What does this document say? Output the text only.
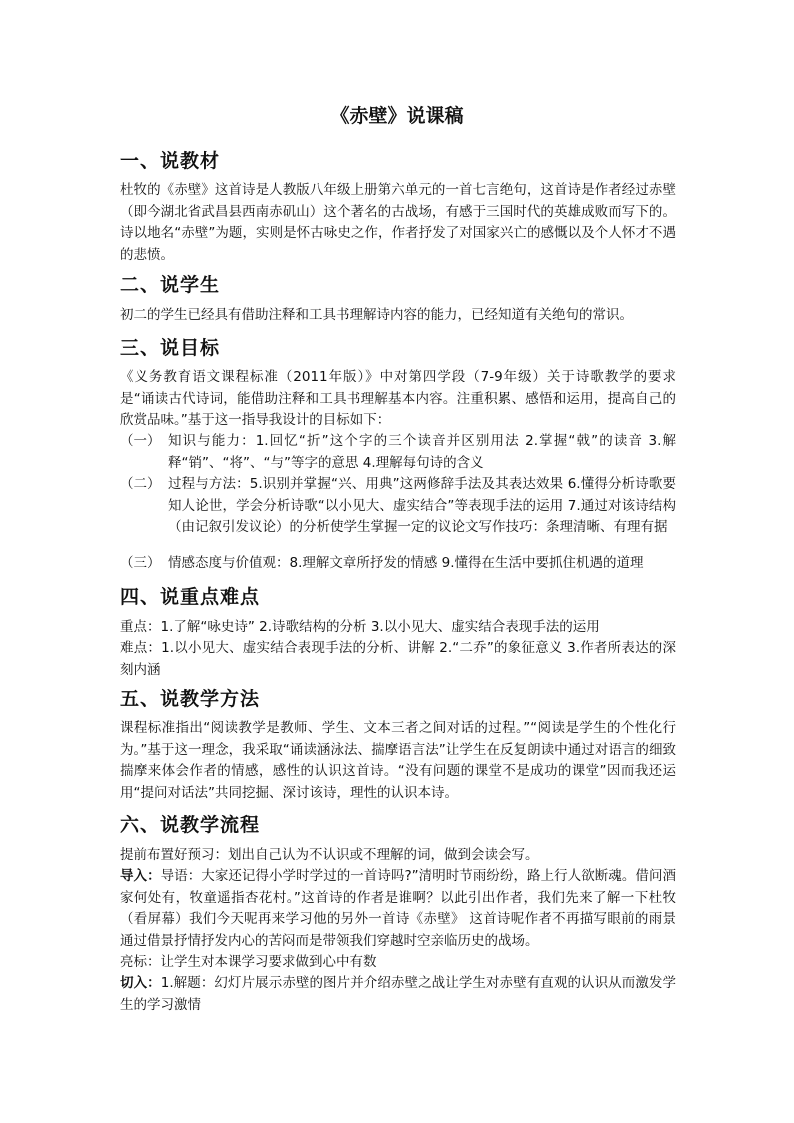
《赤壁》说课稿
一、说教材
杜牧的《赤壁》这首诗是人教版八年级上册第六单元的一首七言绝句，这首诗是作者经过赤壁（即今湖北省武昌县西南赤矶山）这个著名的古战场，有感于三国时代的英雄成败而写下的。诗以地名“赤壁”为题，实则是怀古咏史之作，作者抒发了对国家兴亡的感慨以及个人怀才不遇的悲愤。
二、说学生
初二的学生已经具有借助注释和工具书理解诗内容的能力，已经知道有关绝句的常识。
三、说目标
《义务教育语文课程标准（2011年版）》中对第四学段（7-9年级）关于诗歌教学的要求是“诵读古代诗词，能借助注释和工具书理解基本内容。注重积累、感悟和运用，提高自己的欣赏品味。”基于这一指导我设计的目标如下：
（一） 知识与能力：1.回忆“折”这个字的三个读音并区别用法 2.掌握“戟”的读音 3.解释“销”、“将”、“与”等字的意思 4.理解每句诗的含义
（二） 过程与方法：5.识别并掌握“兴、用典”这两修辞手法及其表达效果 6.懂得分析诗歌要知人论世，学会分析诗歌“以小见大、虚实结合”等表现手法的运用 7.通过对该诗结构（由记叙引发议论）的分析使学生掌握一定的议论文写作技巧：条理清晰、有理有据
（三） 情感态度与价值观：8.理解文章所抒发的情感 9.懂得在生活中要抓住机遇的道理
四、说重点难点
重点：1.了解“咏史诗” 2.诗歌结构的分析 3.以小见大、虚实结合表现手法的运用
难点：1.以小见大、虚实结合表现手法的分析、讲解 2.“二乔”的象征意义 3.作者所表达的深刻内涵
五、说教学方法
课程标准指出“阅读教学是教师、学生、文本三者之间对话的过程。”“阅读是学生的个性化行为。”基于这一理念，我采取“诵读涵泳法、揣摩语言法”让学生在反复朗读中通过对语言的细致揣摩来体会作者的情感，感性的认识这首诗。“没有问题的课堂不是成功的课堂”因而我还运用“提问对话法”共同挖掘、深讨该诗，理性的认识本诗。
六、说教学流程
提前布置好预习：划出自己认为不认识或不理解的词，做到会读会写。
导入：导语：大家还记得小学时学过的一首诗吗?”清明时节雨纷纷，路上行人欲断魂。借问酒家何处有，牧童遥指杏花村。”这首诗的作者是谁啊？以此引出作者，我们先来了解一下杜牧（看屏幕）我们今天呢再来学习他的另外一首诗《赤壁》 这首诗呢作者不再描写眼前的雨景通过借景抒情抒发内心的苦闷而是带领我们穿越时空亲临历史的战场。
亮标：让学生对本课学习要求做到心中有数
切入：1.解题：幻灯片展示赤壁的图片并介绍赤壁之战让学生对赤壁有直观的认识从而激发学生的学习激情
